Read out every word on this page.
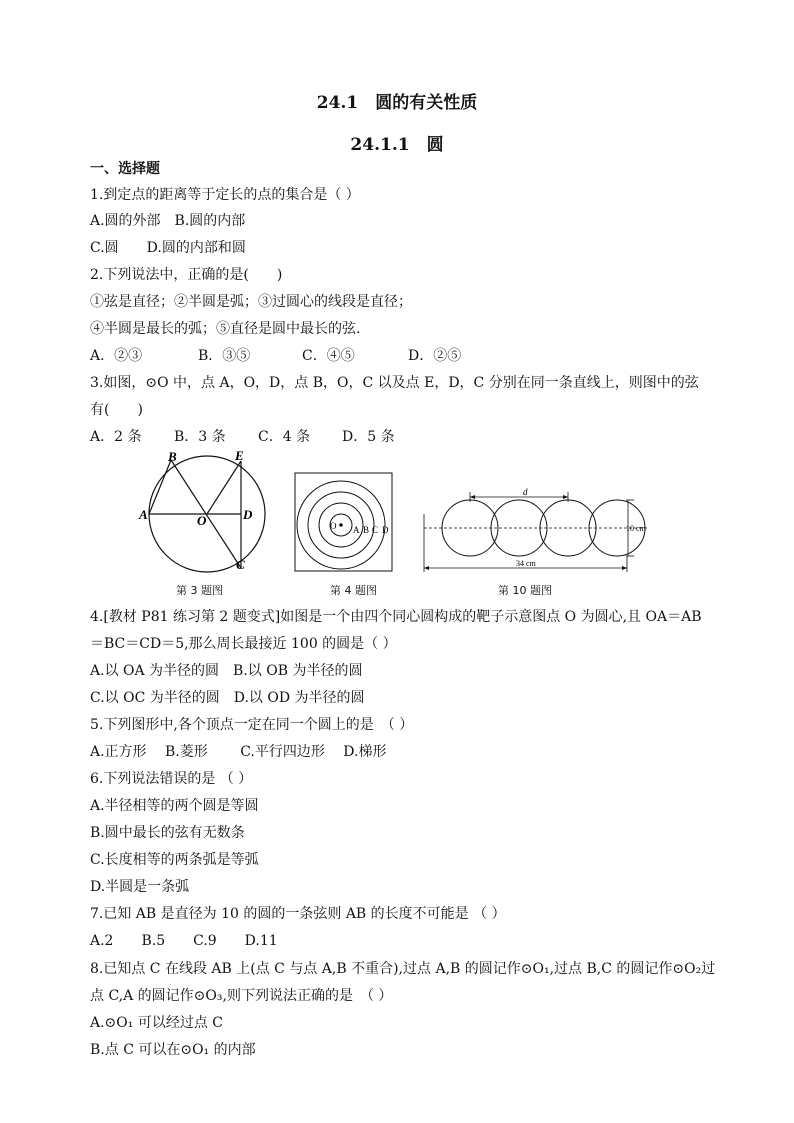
24.1　圆的有关性质
24.1.1　圆
一、选择题
1.到定点的距离等于定长的点的集合是（ ）
A.圆的外部　B.圆的内部
C.圆　　D.圆的内部和圆
2.下列说法中，正确的是(　　)
①弦是直径；②半圆是弧；③过圆心的线段是直径；
④半圆是最长的弧；⑤直径是圆中最长的弦.
A．②③	B．③⑤	C．④⑤	D．②⑤
3.如图，⊙O 中，点 A，O，D，点 B，O，C 以及点 E，D，C 分别在同一条直线上，则图中的弦
有(　　)
A．2 条 B．3 条 C．4 条 D．5 条
B	E
A	O	D
C
第 3 题图
O A B C D
第 4 题图
d
10 cm
34 cm
第 10 题图
4.[教材 P81 练习第 2 题变式]如图是一个由四个同心圆构成的靶子示意图点 O 为圆心,且 OA＝AB
＝BC＝CD＝5,那么周长最接近 100 的圆是（ ）
A.以 OA 为半径的圆　B.以 OB 为半径的圆
C.以 OC 为半径的圆　D.以 OD 为半径的圆
5.下列图形中,各个顶点一定在同一个圆上的是　（ ）
A.正方形　 B.菱形　　 C.平行四边形　 D.梯形
6.下列说法错误的是 （ ）
A.半径相等的两个圆是等圆
B.圆中最长的弦有无数条
C.长度相等的两条弧是等弧
D.半圆是一条弧
7.已知 AB 是直径为 10 的圆的一条弦则 AB 的长度不可能是 （ ）
A.2　　B.5　　C.9　　D.11
8.已知点 C 在线段 AB 上(点 C 与点 A,B 不重合),过点 A,B 的圆记作⊙O₁,过点 B,C 的圆记作⊙O₂过
点 C,A 的圆记作⊙O₃,则下列说法正确的是　（ ）
A.⊙O₁ 可以经过点 C
B.点 C 可以在⊙O₁ 的内部
